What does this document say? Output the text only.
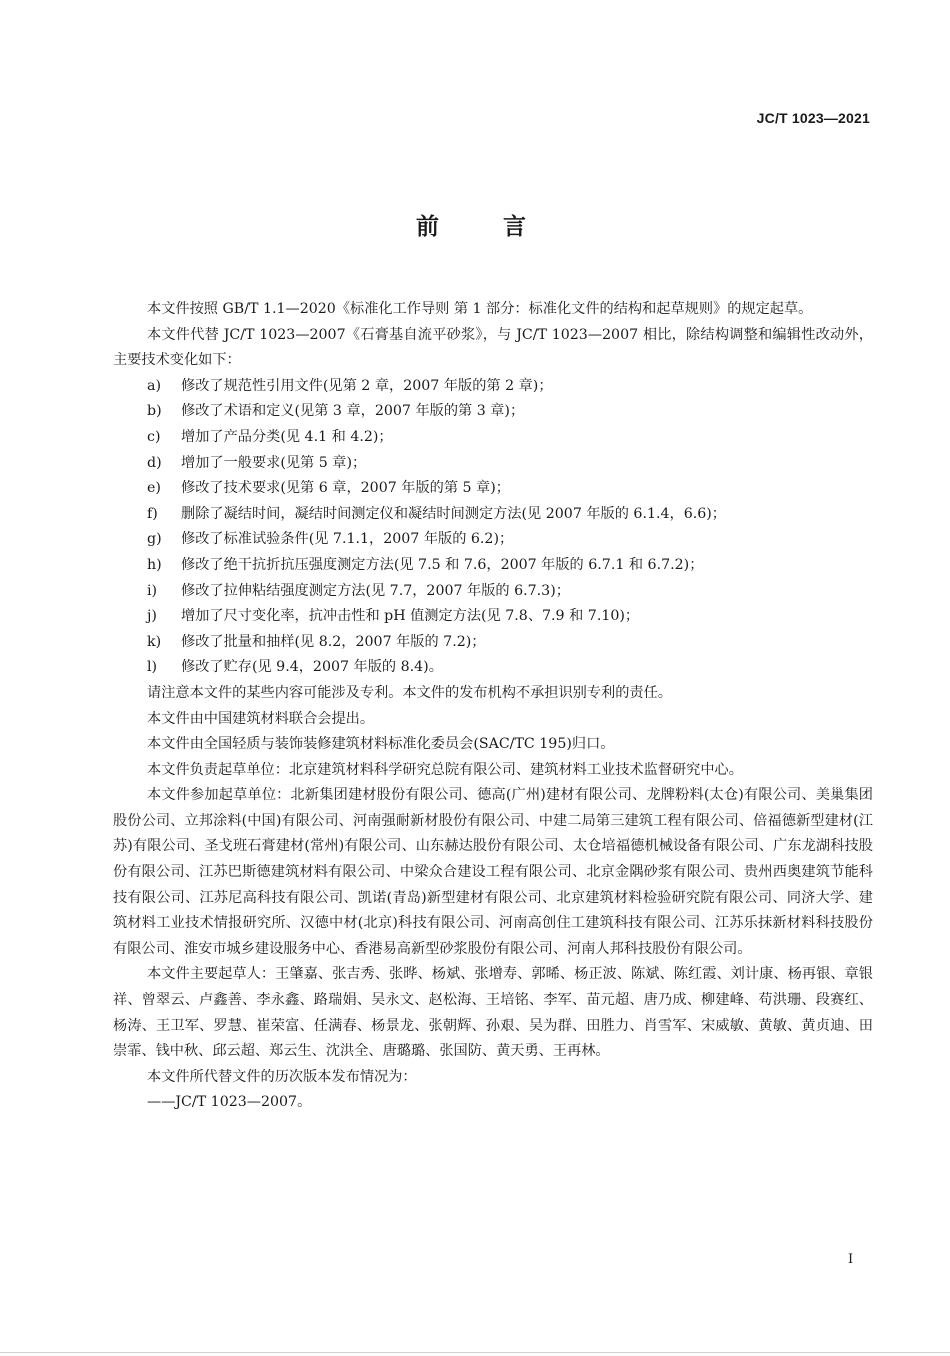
JC/T 1023—2021
前 言

本文件按照 GB/T 1.1—2020《标准化工作导则 第 1 部分：标准化文件的结构和起草规则》的规定起草。

本文件代替 JC/T 1023—2007《石膏基自流平砂浆》，与 JC/T 1023—2007 相比，除结构调整和编辑性改动外，主要技术变化如下：

a)	修改了规范性引用文件(见第 2 章，2007 年版的第 2 章)；
b)	修改了术语和定义(见第 3 章，2007 年版的第 3 章)；
c)	增加了产品分类(见 4.1 和 4.2)；
d)	增加了一般要求(见第 5 章)；
e)	修改了技术要求(见第 6 章，2007 年版的第 5 章)；
f)	删除了凝结时间，凝结时间测定仪和凝结时间测定方法(见 2007 年版的 6.1.4，6.6)；
g)	修改了标准试验条件(见 7.1.1，2007 年版的 6.2)；
h)	修改了绝干抗折抗压强度测定方法(见 7.5 和 7.6，2007 年版的 6.7.1 和 6.7.2)；
i)	修改了拉伸粘结强度测定方法(见 7.7，2007 年版的 6.7.3)；
j)	增加了尺寸变化率，抗冲击性和 pH 值测定方法(见 7.8、7.9 和 7.10)；
k)	修改了批量和抽样(见 8.2，2007 年版的 7.2)；
l)	修改了贮存(见 9.4，2007 年版的 8.4)。

请注意本文件的某些内容可能涉及专利。本文件的发布机构不承担识别专利的责任。

本文件由中国建筑材料联合会提出。

本文件由全国轻质与装饰装修建筑材料标准化委员会(SAC/TC 195)归口。

本文件负责起草单位：北京建筑材料科学研究总院有限公司、建筑材料工业技术监督研究中心。

本文件参加起草单位：北新集团建材股份有限公司、德高(广州)建材有限公司、龙牌粉料(太仓)有限公司、美巢集团股份公司、立邦涂料(中国)有限公司、河南强耐新材股份有限公司、中建二局第三建筑工程有限公司、倍福德新型建材(江苏)有限公司、圣戈班石膏建材(常州)有限公司、山东赫达股份有限公司、太仓培福德机械设备有限公司、广东龙湖科技股份有限公司、江苏巴斯德建筑材料有限公司、中梁众合建设工程有限公司、北京金隅砂浆有限公司、贵州西奥建筑节能科技有限公司、江苏尼高科技有限公司、凯诺(青岛)新型建材有限公司、北京建筑材料检验研究院有限公司、同济大学、建筑材料工业技术情报研究所、汉德中材(北京)科技有限公司、河南高创住工建筑科技有限公司、江苏乐抹新材料科技股份有限公司、淮安市城乡建设服务中心、香港易高新型砂浆股份有限公司、河南人邦科技股份有限公司。

本文件主要起草人：王肇嘉、张吉秀、张晔、杨斌、张增寿、郭晞、杨正波、陈斌、陈红霞、刘计康、杨再银、章银祥、曾翠云、卢鑫善、李永鑫、路瑞娟、吴永文、赵松海、王培铭、李军、苗元超、唐乃成、柳建峰、苟洪珊、段赛红、杨涛、王卫军、罗慧、崔荣富、任满春、杨景龙、张朝辉、孙艰、吴为群、田胜力、肖雪军、宋威敏、黄敏、黄贞迪、田崇霏、钱中秋、邱云超、郑云生、沈洪全、唐璐璐、张国防、黄天勇、王再林。

本文件所代替文件的历次版本发布情况为：

——JC/T 1023—2007。

I
